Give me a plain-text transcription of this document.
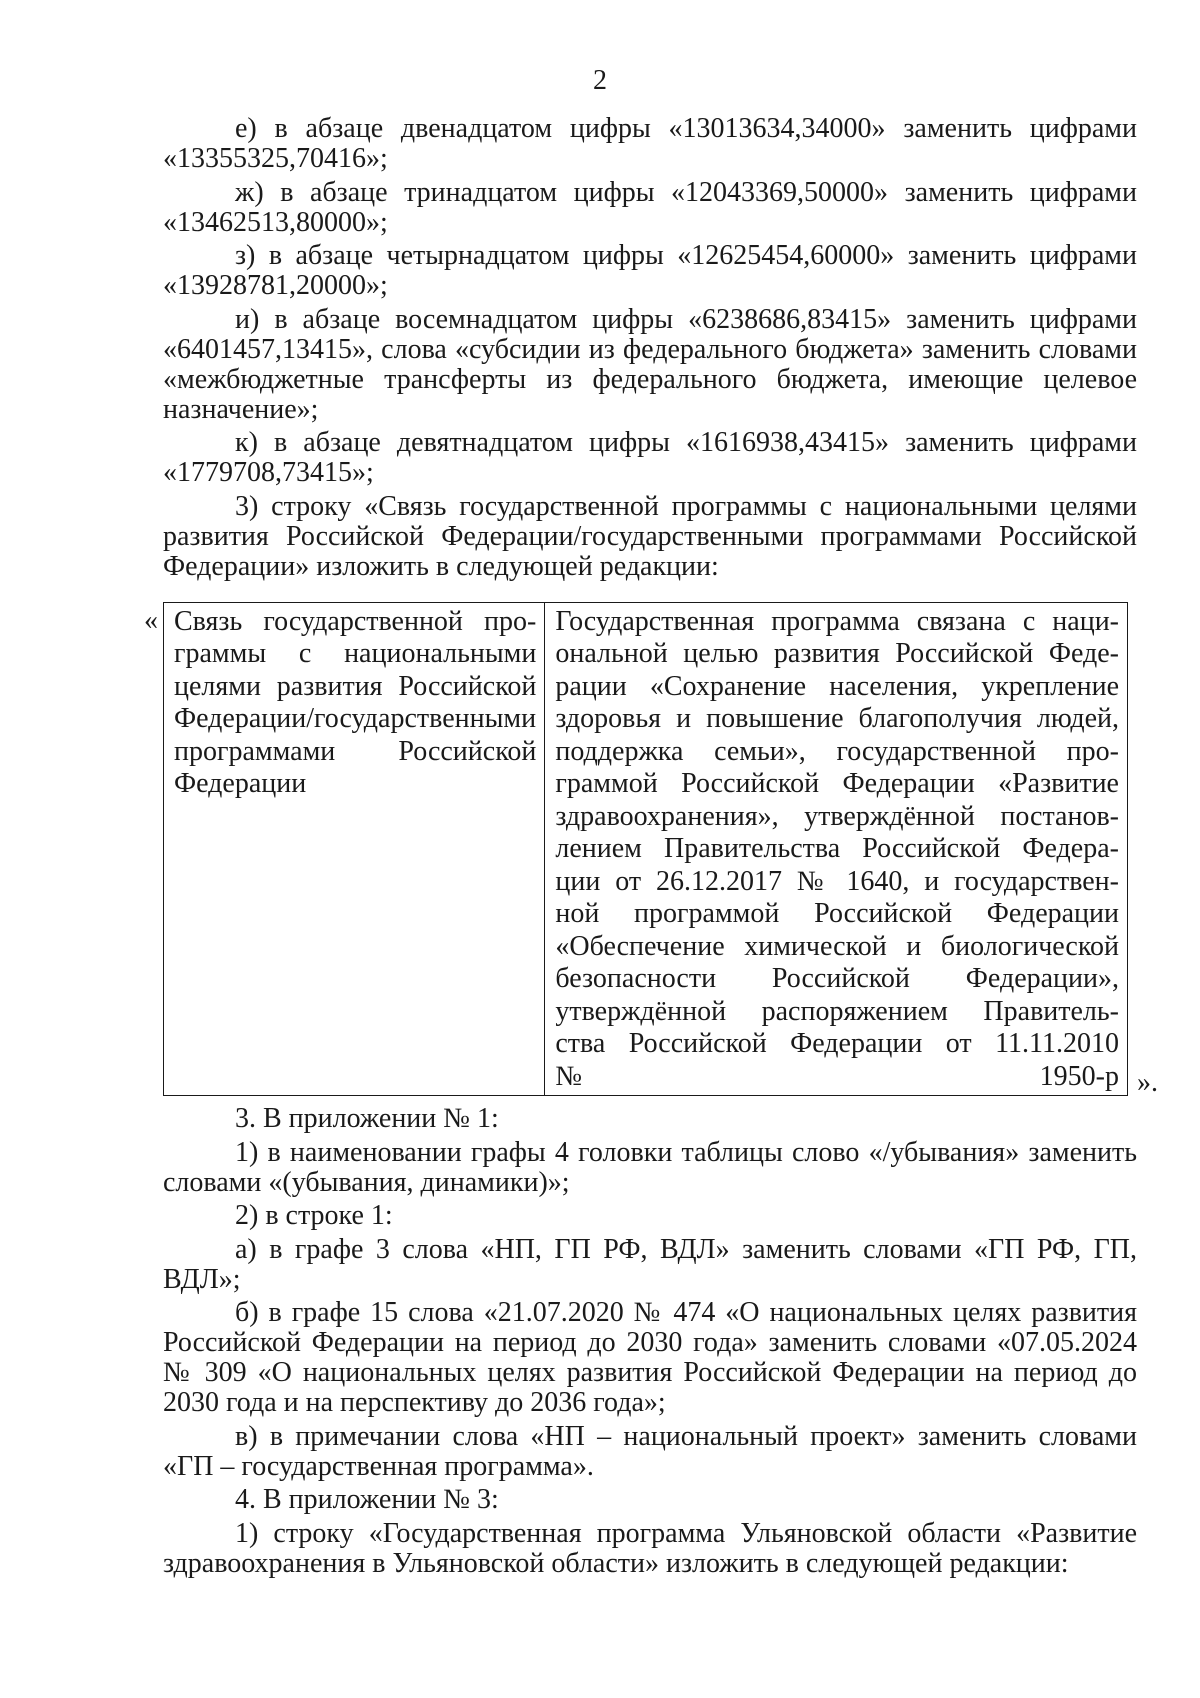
2

е) в абзаце двенадцатом цифры «13013634,34000» заменить цифрами «13355325,70416»;

ж) в абзаце тринадцатом цифры «12043369,50000» заменить цифрами «13462513,80000»;

з) в абзаце четырнадцатом цифры «12625454,60000» заменить цифрами «13928781,20000»;

и) в абзаце восемнадцатом цифры «6238686,83415» заменить цифрами «6401457,13415», слова «субсидии из федерального бюджета» заменить словами «межбюджетные трансферты из федерального бюджета, имеющие целевое назначение»;

к) в абзаце девятнадцатом цифры «1616938,43415» заменить цифрами «1779708,73415»;

3) строку «Связь государственной программы с национальными целями развития Российской Федерации/государственными программами Российской Федерации» изложить в следующей редакции:

« Связь государственной про-
граммы с национальными
целями развития Российской
Федерации/государственными
программами Российской
Федерации	Государственная программа связана с наци-
ональной целью развития Российской Феде-
рации «Сохранение населения, укрепление
здоровья и повышение благополучия людей,
поддержка семьи», государственной про-
граммой Российской Федерации «Развитие
здравоохранения», утверждённой постанов-
лением Правительства Российской Федера-
ции от 26.12.2017 № 1640, и государствен-
ной программой Российской Федерации
«Обеспечение химической и биологической
безопасности Российской Федерации»,
утверждённой распоряжением Правитель-
ства Российской Федерации от 11.11.2010
№ 1950-р ».

3. В приложении № 1:

1) в наименовании графы 4 головки таблицы слово «/убывания» заменить словами «(убывания, динамики)»;

2) в строке 1:

а) в графе 3 слова «НП, ГП РФ, ВДЛ» заменить словами «ГП РФ, ГП, ВДЛ»;

б) в графе 15 слова «21.07.2020 № 474 «О национальных целях развития Российской Федерации на период до 2030 года» заменить словами «07.05.2024 № 309 «О национальных целях развития Российской Федерации на период до 2030 года и на перспективу до 2036 года»;

в) в примечании слова «НП – национальный проект» заменить словами «ГП – государственная программа».

4. В приложении № 3:

1) строку «Государственная программа Ульяновской области «Развитие здравоохранения в Ульяновской области» изложить в следующей редакции:
